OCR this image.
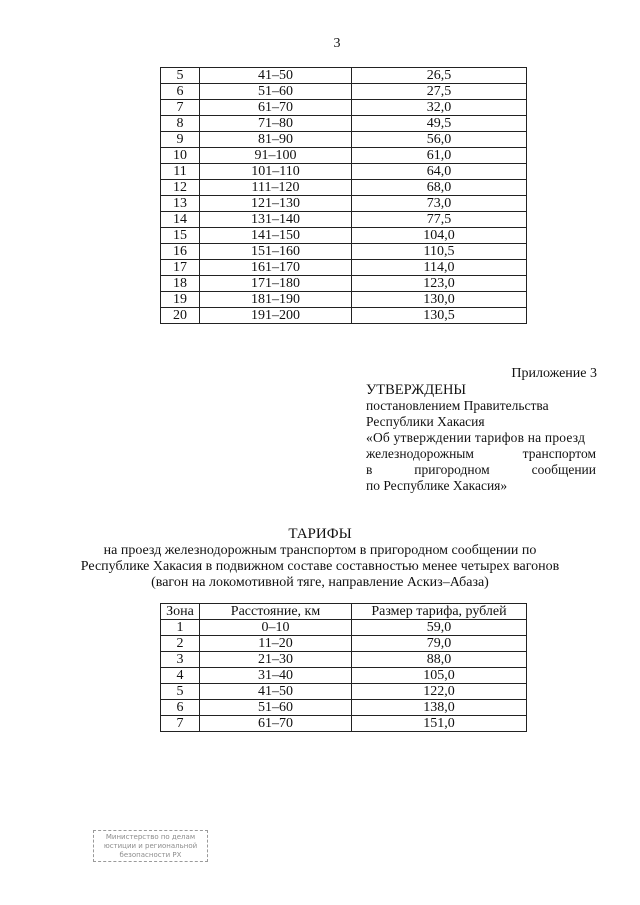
3
5	41–50	26,5
6	51–60	27,5
7	61–70	32,0
8	71–80	49,5
9	81–90	56,0
10	91–100	61,0
11	101–110	64,0
12	111–120	68,0
13	121–130	73,0
14	131–140	77,5
15	141–150	104,0
16	151–160	110,5
17	161–170	114,0
18	171–180	123,0
19	181–190	130,0
20	191–200	130,5
Приложение 3
УТВЕРЖДЕНЫ
постановлением Правительства
Республики Хакасия
«Об утверждении тарифов на проезд
железнодорожным	транспортом
в	пригородном	сообщении
по Республике Хакасия»
ТАРИФЫ
на проезд железнодорожным транспортом в пригородном сообщении по
Республике Хакасия в подвижном составе составностью менее четырех вагонов
(вагон на локомотивной тяге, направление Аскиз–Абаза)
Зона	Расстояние, км	Размер тарифа, рублей
1	0–10	59,0
2	11–20	79,0
3	21–30	88,0
4	31–40	105,0
5	41–50	122,0
6	51–60	138,0
7	61–70	151,0
Министерство по делам
юстиции и региональной
безопасности РХ
